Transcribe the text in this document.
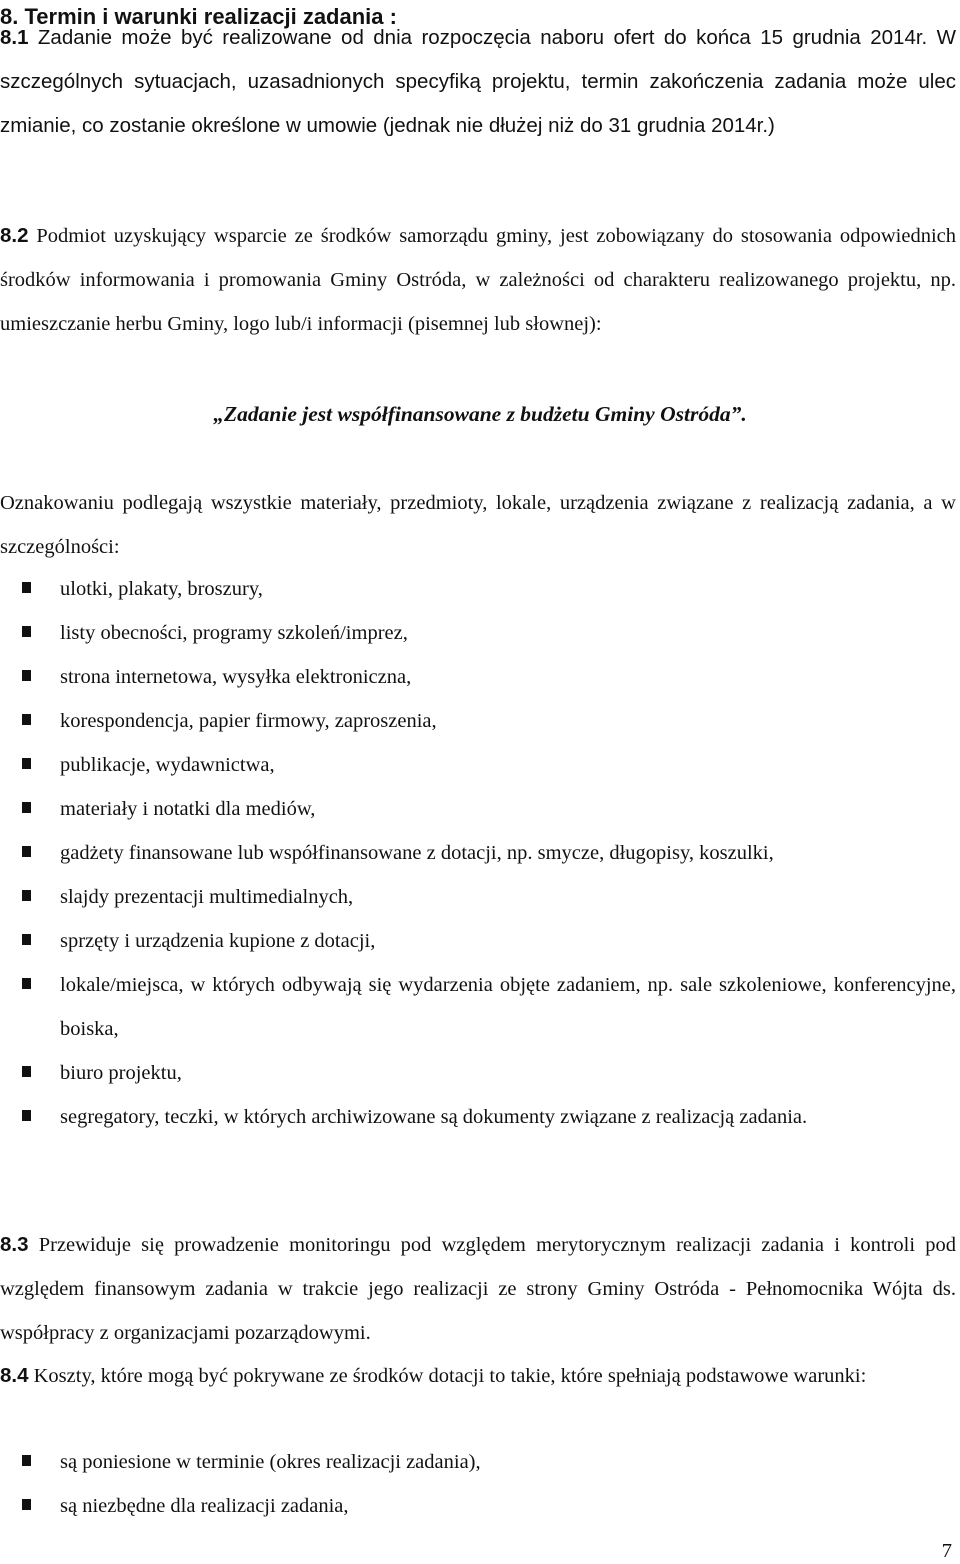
8. Termin i warunki realizacji zadania :
8.1 Zadanie może być realizowane od dnia rozpoczęcia naboru ofert do końca 15 grudnia 2014r. W szczególnych sytuacjach, uzasadnionych specyfiką projektu, termin zakończenia zadania może ulec zmianie, co zostanie określone w umowie (jednak nie dłużej niż do 31 grudnia 2014r.)
8.2 Podmiot uzyskujący wsparcie ze środków samorządu gminy, jest zobowiązany do stosowania odpowiednich środków informowania i promowania Gminy Ostróda, w zależności od charakteru realizowanego projektu, np. umieszczanie herbu Gminy, logo lub/i informacji (pisemnej lub słownej):
„Zadanie jest współfinansowane z budżetu Gminy Ostróda”.
Oznakowaniu podlegają wszystkie materiały, przedmioty, lokale, urządzenia związane z realizacją zadania, a w szczególności:
ulotki, plakaty, broszury,
listy obecności, programy szkoleń/imprez,
strona internetowa, wysyłka elektroniczna,
korespondencja, papier firmowy, zaproszenia,
publikacje, wydawnictwa,
materiały i notatki dla mediów,
gadżety finansowane lub współfinansowane z dotacji, np. smycze, długopisy, koszulki,
slajdy prezentacji multimedialnych,
sprzęty i urządzenia kupione z dotacji,
lokale/miejsca, w których odbywają się wydarzenia objęte zadaniem, np. sale szkoleniowe, konferencyjne, boiska,
biuro projektu,
segregatory, teczki, w których archiwizowane są dokumenty związane z realizacją zadania.
8.3 Przewiduje się prowadzenie monitoringu pod względem merytorycznym realizacji zadania i kontroli pod względem finansowym zadania w trakcie jego realizacji ze strony Gminy Ostróda - Pełnomocnika Wójta ds. współpracy z organizacjami pozarządowymi.
8.4 Koszty, które mogą być pokrywane ze środków dotacji to takie, które spełniają podstawowe warunki:
są poniesione w terminie (okres realizacji zadania),
są niezbędne dla realizacji zadania,
7
